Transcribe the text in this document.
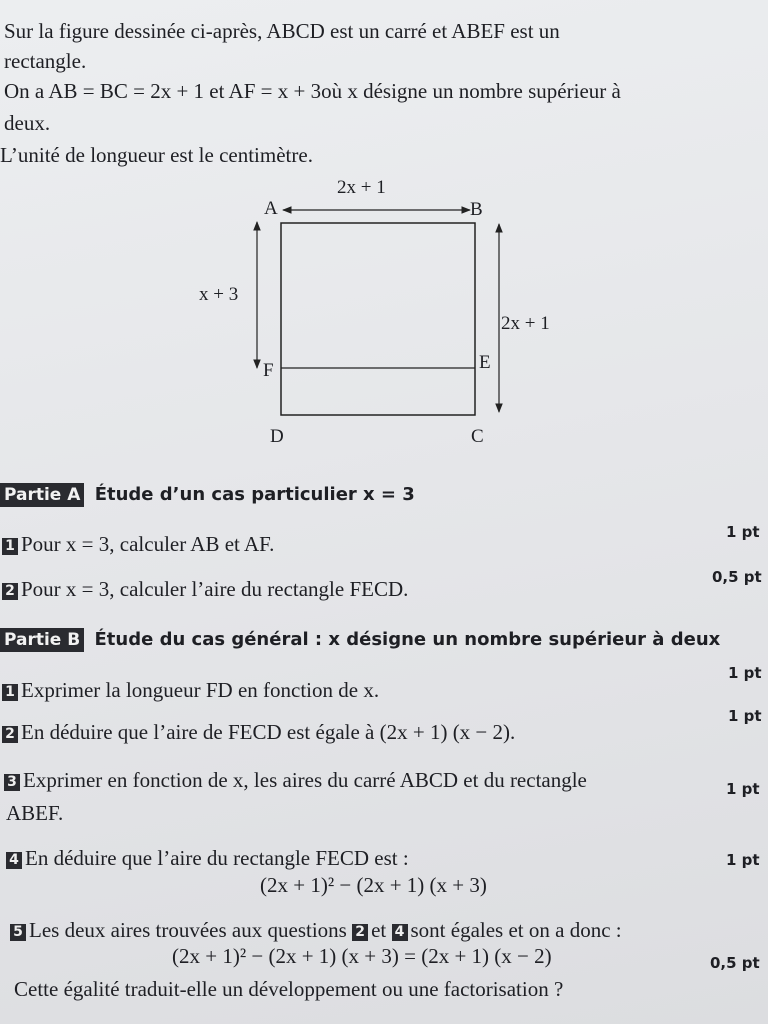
Sur la figure dessinée ci-après, ABCD est un carré et ABEF est un
rectangle.
On a AB = BC = 2x + 1 et AF = x + 3où x désigne un nombre supérieur à
deux.
L’unité de longueur est le centimètre.
2x + 1
x + 3
2x + 1
A	B
F	E
D	C
Partie A Étude d’un cas particulier x = 3
1 Pour x = 3, calculer AB et AF.	1 pt
2 Pour x = 3, calculer l’aire du rectangle FECD.	0,5 pt
Partie B Étude du cas général : x désigne un nombre supérieur à deux
1 Exprimer la longueur FD en fonction de x.
1 pt
2 En déduire que l’aire de FECD est égale à (2x + 1) (x − 2).
1 pt
3 Exprimer en fonction de x, les aires du carré ABCD et du rectangle
ABEF.
1 pt
4 En déduire que l’aire du rectangle FECD est :
(2x + 1)² − (2x + 1) (x + 3)
1 pt
5 Les deux aires trouvées aux questions 2 et 4 sont égales et on a donc :
(2x + 1)² − (2x + 1) (x + 3) = (2x + 1) (x − 2)
Cette égalité traduit-elle un développement ou une factorisation ?
0,5 pt
